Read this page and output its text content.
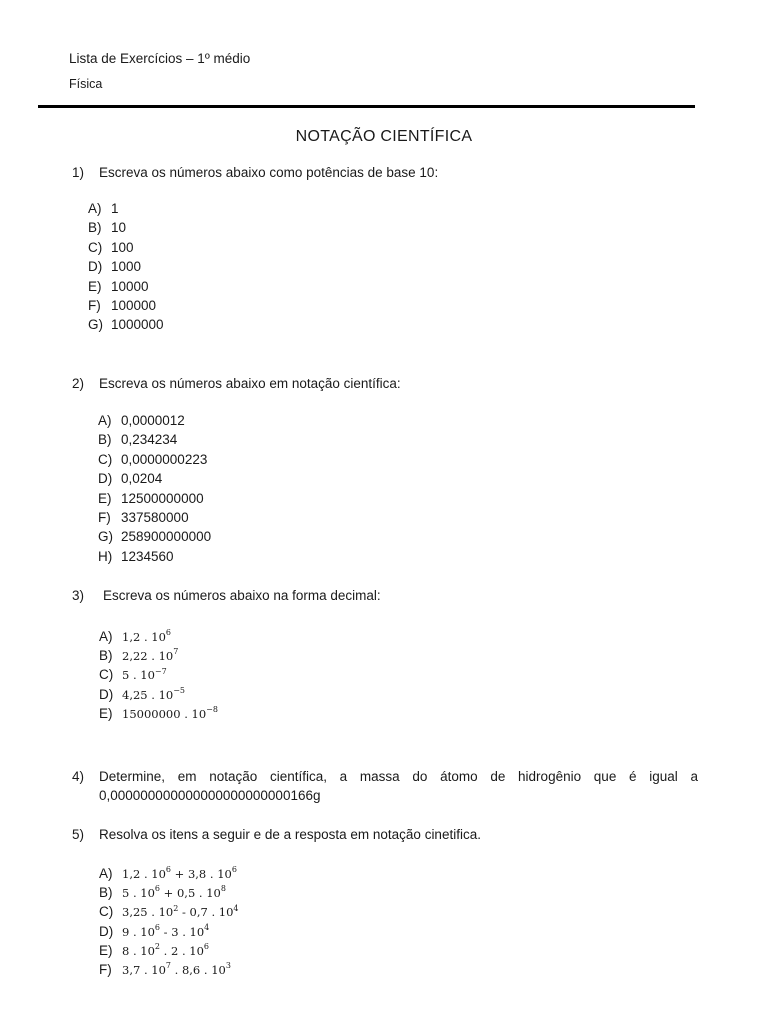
Lista de Exercícios – 1º médio
Física
NOTAÇÃO CIENTÍFICA
1) Escreva os números abaixo como potências de base 10:
A) 1
B) 10
C) 100
D) 1000
E) 10000
F) 100000
G) 1000000
2) Escreva os números abaixo em notação científica:
A) 0,0000012
B) 0,234234
C) 0,0000000223
D) 0,0204
E) 12500000000
F) 337580000
G) 258900000000
H) 1234560
3) Escreva os números abaixo na forma decimal:
A) 1,2 . $10^6$
B) 2,22 . $10^7$
C) 5 . $10^{-7}$
D) 4,25 . $10^{-5}$
E) 15000000 . $10^{-8}$
4) Determine, em notação científica, a massa do átomo de hidrogênio que é igual a
0,000000000000000000000000166g
5) Resolva os itens a seguir e de a resposta em notação cinetifica.
A) 1,2 . $10^6 + 3,8$ . $10^6$
B) 5 . $10^6 + 0,5$ . $10^8$
C) 3,25 . $10^2 - 0,7$ . $10^4$
D) 9 . $10^6 - 3$ . $10^4$
E) 8 . $10^2$ . 2 . $10^6$
F) 3,7 . $10^7$ . 8,6 . $10^3$
